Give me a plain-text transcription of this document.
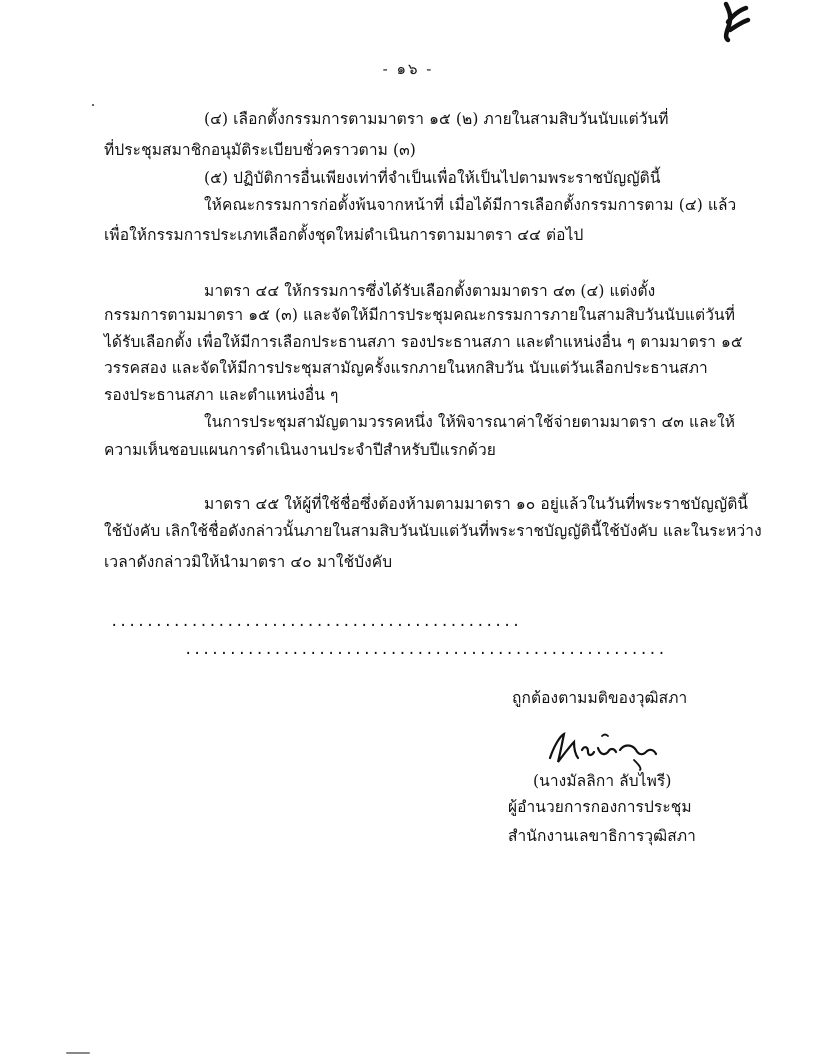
- ๑๖ -
(๔) เลือกตั้งกรรมการตามมาตรา ๑๕ (๒) ภายในสามสิบวันนับแต่วันที่
ที่ประชุมสมาชิกอนุมัติระเบียบชั่วคราวตาม (๓)
(๕) ปฏิบัติการอื่นเพียงเท่าที่จำเป็นเพื่อให้เป็นไปตามพระราชบัญญัตินี้
ให้คณะกรรมการก่อตั้งพ้นจากหน้าที่ เมื่อได้มีการเลือกตั้งกรรมการตาม (๔) แล้ว
เพื่อให้กรรมการประเภทเลือกตั้งชุดใหม่ดำเนินการตามมาตรา ๔๔ ต่อไป
มาตรา ๔๔ ให้กรรมการซึ่งได้รับเลือกตั้งตามมาตรา ๔๓ (๔) แต่งตั้ง
กรรมการตามมาตรา ๑๕ (๓) และจัดให้มีการประชุมคณะกรรมการภายในสามสิบวันนับแต่วันที่
ได้รับเลือกตั้ง เพื่อให้มีการเลือกประธานสภา รองประธานสภา และตำแหน่งอื่น ๆ ตามมาตรา ๑๕
วรรคสอง และจัดให้มีการประชุมสามัญครั้งแรกภายในหกสิบวัน นับแต่วันเลือกประธานสภา
รองประธานสภา และตำแหน่งอื่น ๆ
ในการประชุมสามัญตามวรรคหนึ่ง ให้พิจารณาค่าใช้จ่ายตามมาตรา ๔๓ และให้
ความเห็นชอบแผนการดำเนินงานประจำปีสำหรับปีแรกด้วย
มาตรา ๔๕ ให้ผู้ที่ใช้ชื่อซึ่งต้องห้ามตามมาตรา ๑๐ อยู่แล้วในวันที่พระราชบัญญัตินี้
ใช้บังคับ เลิกใช้ชื่อดังกล่าวนั้นภายในสามสิบวันนับแต่วันที่พระราชบัญญัตินี้ใช้บังคับ และในระหว่าง
เวลาดังกล่าวมิให้นำมาตรา ๔๐ มาใช้บังคับ
..............................................
......................................................
ถูกต้องตามมติของวุฒิสภา
(นางมัลลิกา ลับไพรี)
ผู้อำนวยการกองการประชุม
สำนักงานเลขาธิการวุฒิสภา
